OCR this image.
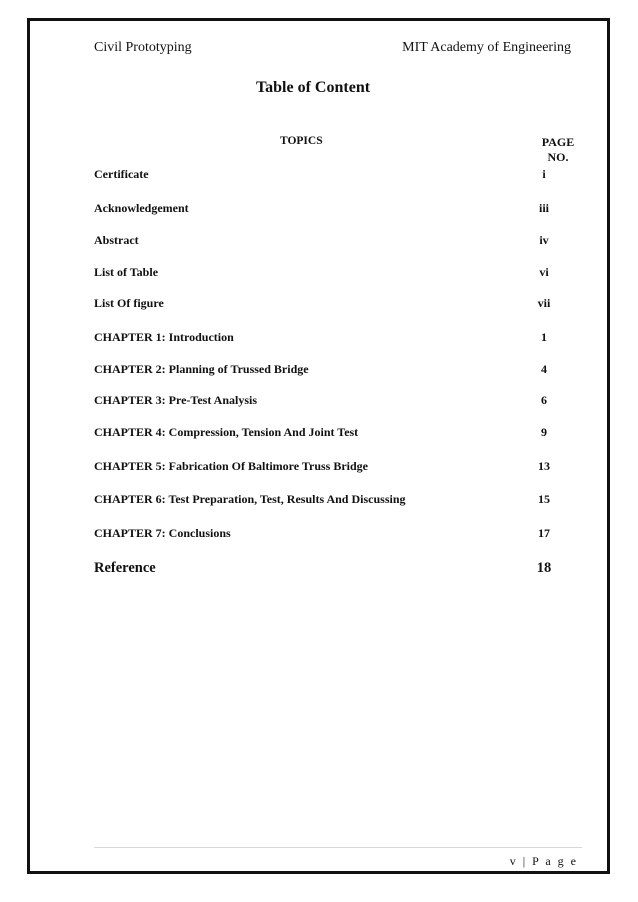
Civil Prototyping	MIT Academy of Engineering
Table of Content
TOPICS	PAGE
NO.
Certificate	i
Acknowledgement	iii
Abstract	iv
List of Table	vi
List Of figure	vii
CHAPTER 1: Introduction	1
CHAPTER 2: Planning of Trussed Bridge	4
CHAPTER 3: Pre-Test Analysis	6
CHAPTER 4: Compression, Tension And Joint Test	9
CHAPTER 5: Fabrication Of Baltimore Truss Bridge	13
CHAPTER 6: Test Preparation, Test, Results And Discussing	15
CHAPTER 7: Conclusions	17
Reference	18
v | P a g e
